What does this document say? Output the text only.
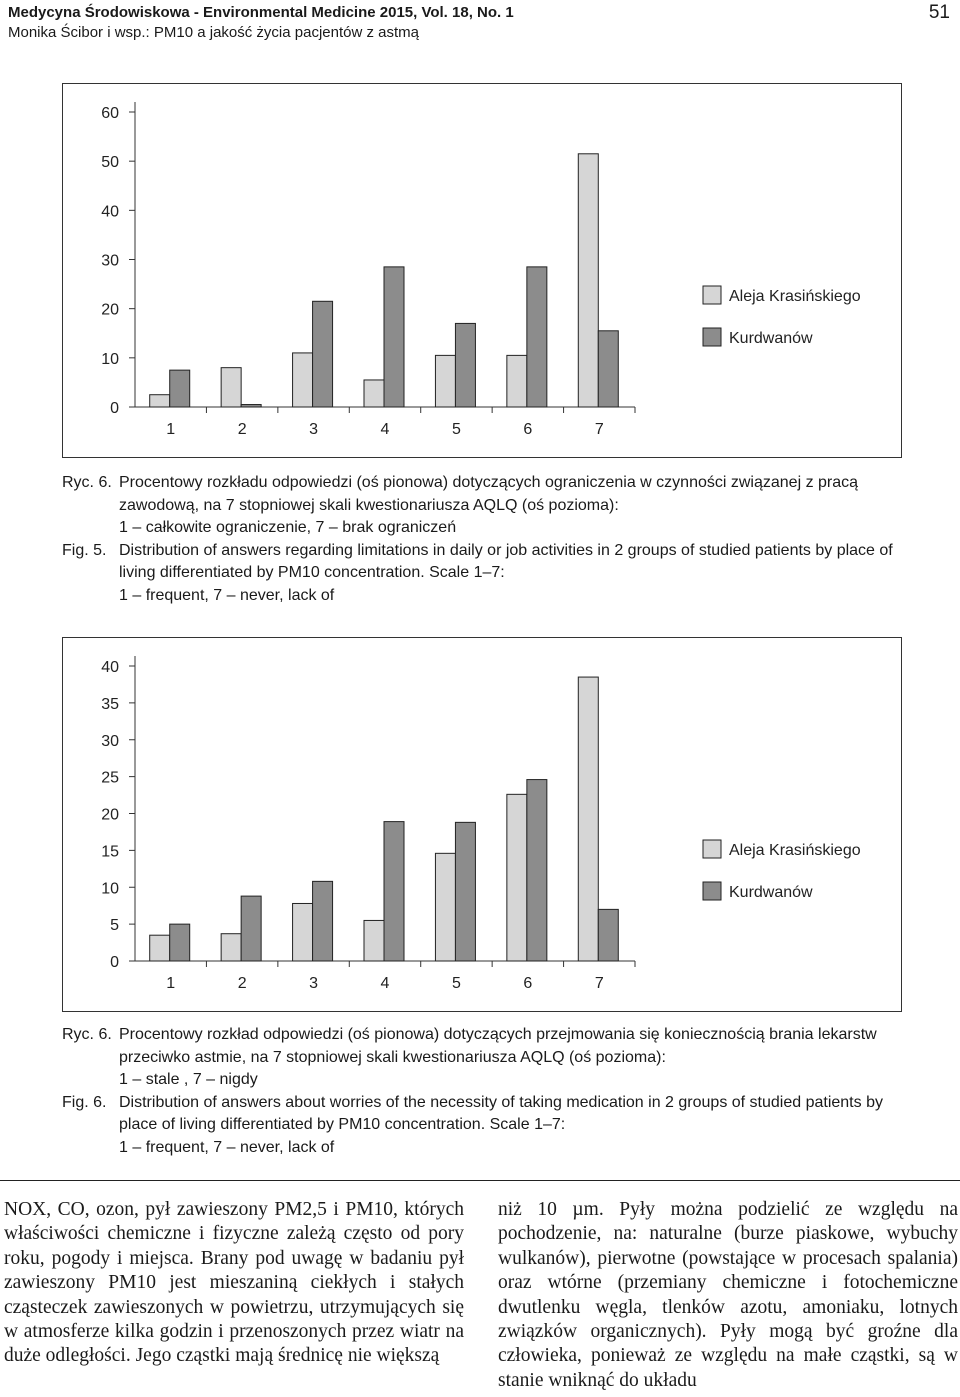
Medycyna Środowiskowa - Environmental Medicine 2015, Vol. 18, No. 1
Monika Ścibor i wsp.: PM10 a jakość życia pacjentów z astmą
51
0
10
20
30
40
50
60
1	2	3	4	5	6	7
Aleja Krasińskiego
Kurdwanów

Ryc. 6. Procentowy rozkładu odpowiedzi (oś pionowa) dotyczących ograniczenia w czynności związanej z pracą zawodową, na 7 stopniowej skali kwestionariusza AQLQ (oś pozioma):

1 – całkowite ograniczenie, 7 – brak ograniczeń

Fig. 5. Distribution of answers regarding limitations in daily or job activities in 2 groups of studied patients by place of living differentiated by PM10 concentration. Scale 1–7:

1 – frequent, 7 – never, lack of

0
5
10
15
20
25
30
35
40
1	2	3	4	5	6	7
Aleja Krasińskiego
Kurdwanów

Ryc. 6. Procentowy rozkład odpowiedzi (oś pionowa) dotyczących przejmowania się koniecznością brania lekarstw przeciwko astmie, na 7 stopniowej skali kwestionariusza AQLQ (oś pozioma):

1 – stale , 7 – nigdy

Fig. 6. Distribution of answers about worries of the necessity of taking medication in 2 groups of studied patients by place of living differentiated by PM10 concentration. Scale 1–7:

1 – frequent, 7 – never, lack of

NOX, CO, ozon, pył zawieszony PM2,5 i PM10, których właściwości chemiczne i fizyczne zależą często od pory roku, pogody i miejsca. Brany pod uwagę w badaniu pył zawieszony PM10 jest mieszaniną ciekłych i stałych cząsteczek zawieszonych w powietrzu, utrzymujących się w atmosferze kilka godzin i przenoszonych przez wiatr na duże odległości. Jego cząstki mają średnicę nie większą
niż 10 µm. Pyły można podzielić ze względu na pochodzenie, na: naturalne (burze piaskowe, wybuchy wulkanów), pierwotne (powstające w procesach spalania) oraz wtórne (przemiany chemiczne i fotochemiczne dwutlenku węgla, tlenków azotu, amoniaku, lotnych związków organicznych). Pyły mogą być groźne dla człowieka, ponieważ ze względu na małe cząstki, są w stanie wniknąć do układu
